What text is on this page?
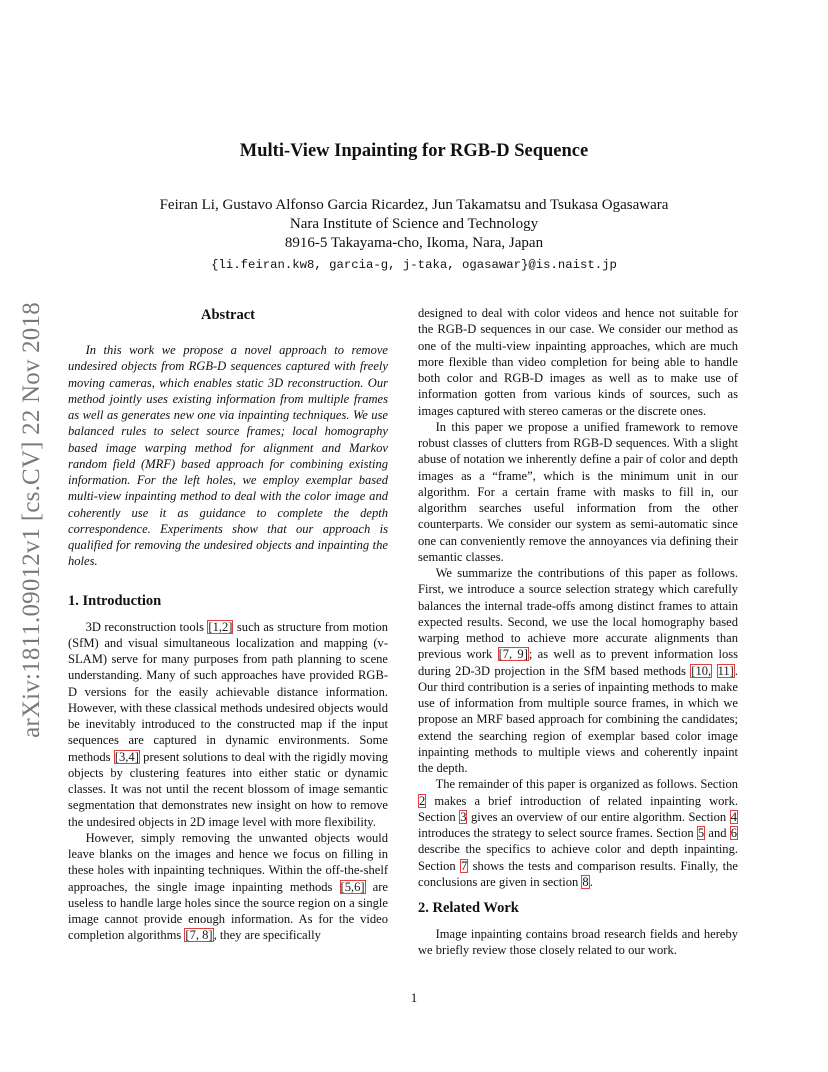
arXiv:1811.09012v1 [cs.CV] 22 Nov 2018
Multi-View Inpainting for RGB-D Sequence
Feiran Li, Gustavo Alfonso Garcia Ricardez, Jun Takamatsu and Tsukasa Ogasawara
Nara Institute of Science and Technology
8916-5 Takayama-cho, Ikoma, Nara, Japan
{li.feiran.kw8, garcia-g, j-taka, ogasawar}@is.naist.jp
Abstract

In this work we propose a novel approach to remove undesired objects from RGB-D sequences captured with freely moving cameras, which enables static 3D reconstruction. Our method jointly uses existing information from multiple frames as well as generates new one via inpainting techniques. We use balanced rules to select source frames; local homography based image warping method for alignment and Markov random field (MRF) based approach for combining existing information. For the left holes, we employ exemplar based multi-view inpainting method to deal with the color image and coherently use it as guidance to complete the depth correspondence. Experiments show that our approach is qualified for removing the undesired objects and inpainting the holes.

1. Introduction

3D reconstruction tools [1,2] such as structure from motion (SfM) and visual simultaneous localization and mapping (v-SLAM) serve for many purposes from path planning to scene understanding. Many of such approaches have provided RGB-D versions for the easily achievable distance information. However, with these classical methods undesired objects would be inevitably introduced to the constructed map if the input sequences are captured in dynamic environments. Some methods [3,4] present solutions to deal with the rigidly moving objects by clustering features into either static or dynamic classes. It was not until the recent blossom of image semantic segmentation that demonstrates new insight on how to remove the undesired objects in 2D image level with more flexibility.

However, simply removing the unwanted objects would leave blanks on the images and hence we focus on filling in these holes with inpainting techniques. Within the off-the-shelf approaches, the single image inpainting methods [5,6] are useless to handle large holes since the source region on a single image cannot provide enough information. As for the video completion algorithms [7, 8], they are specifically

designed to deal with color videos and hence not suitable for the RGB-D sequences in our case. We consider our method as one of the multi-view inpainting approaches, which are much more flexible than video completion for being able to handle both color and RGB-D images as well as to make use of information gotten from various kinds of sources, such as images captured with stereo cameras or the discrete ones.

In this paper we propose a unified framework to remove robust classes of clutters from RGB-D sequences. With a slight abuse of notation we inherently define a pair of color and depth images as a “frame”, which is the minimum unit in our algorithm. For a certain frame with masks to fill in, our algorithm searches useful information from the other counterparts. We consider our system as semi-automatic since one can conveniently remove the annoyances via defining their semantic classes.

We summarize the contributions of this paper as follows. First, we introduce a source selection strategy which carefully balances the internal trade-offs among distinct frames to attain expected results. Second, we use the local homography based warping method to achieve more accurate alignments than previous work [7, 9]; as well as to prevent information loss during 2D-3D projection in the SfM based methods [10, 11]. Our third contribution is a series of inpainting methods to make use of information from multiple source frames, in which we propose an MRF based approach for combining the candidates; extend the searching region of exemplar based color image inpainting methods to multiple views and coherently inpaint the depth.

The remainder of this paper is organized as follows. Section 2 makes a brief introduction of related inpainting work. Section 3 gives an overview of our entire algorithm. Section 4 introduces the strategy to select source frames. Section 5 and 6 describe the specifics to achieve color and depth inpainting. Section 7 shows the tests and comparison results. Finally, the conclusions are given in section 8.

2. Related Work

Image inpainting contains broad research fields and hereby we briefly review those closely related to our work.

1
